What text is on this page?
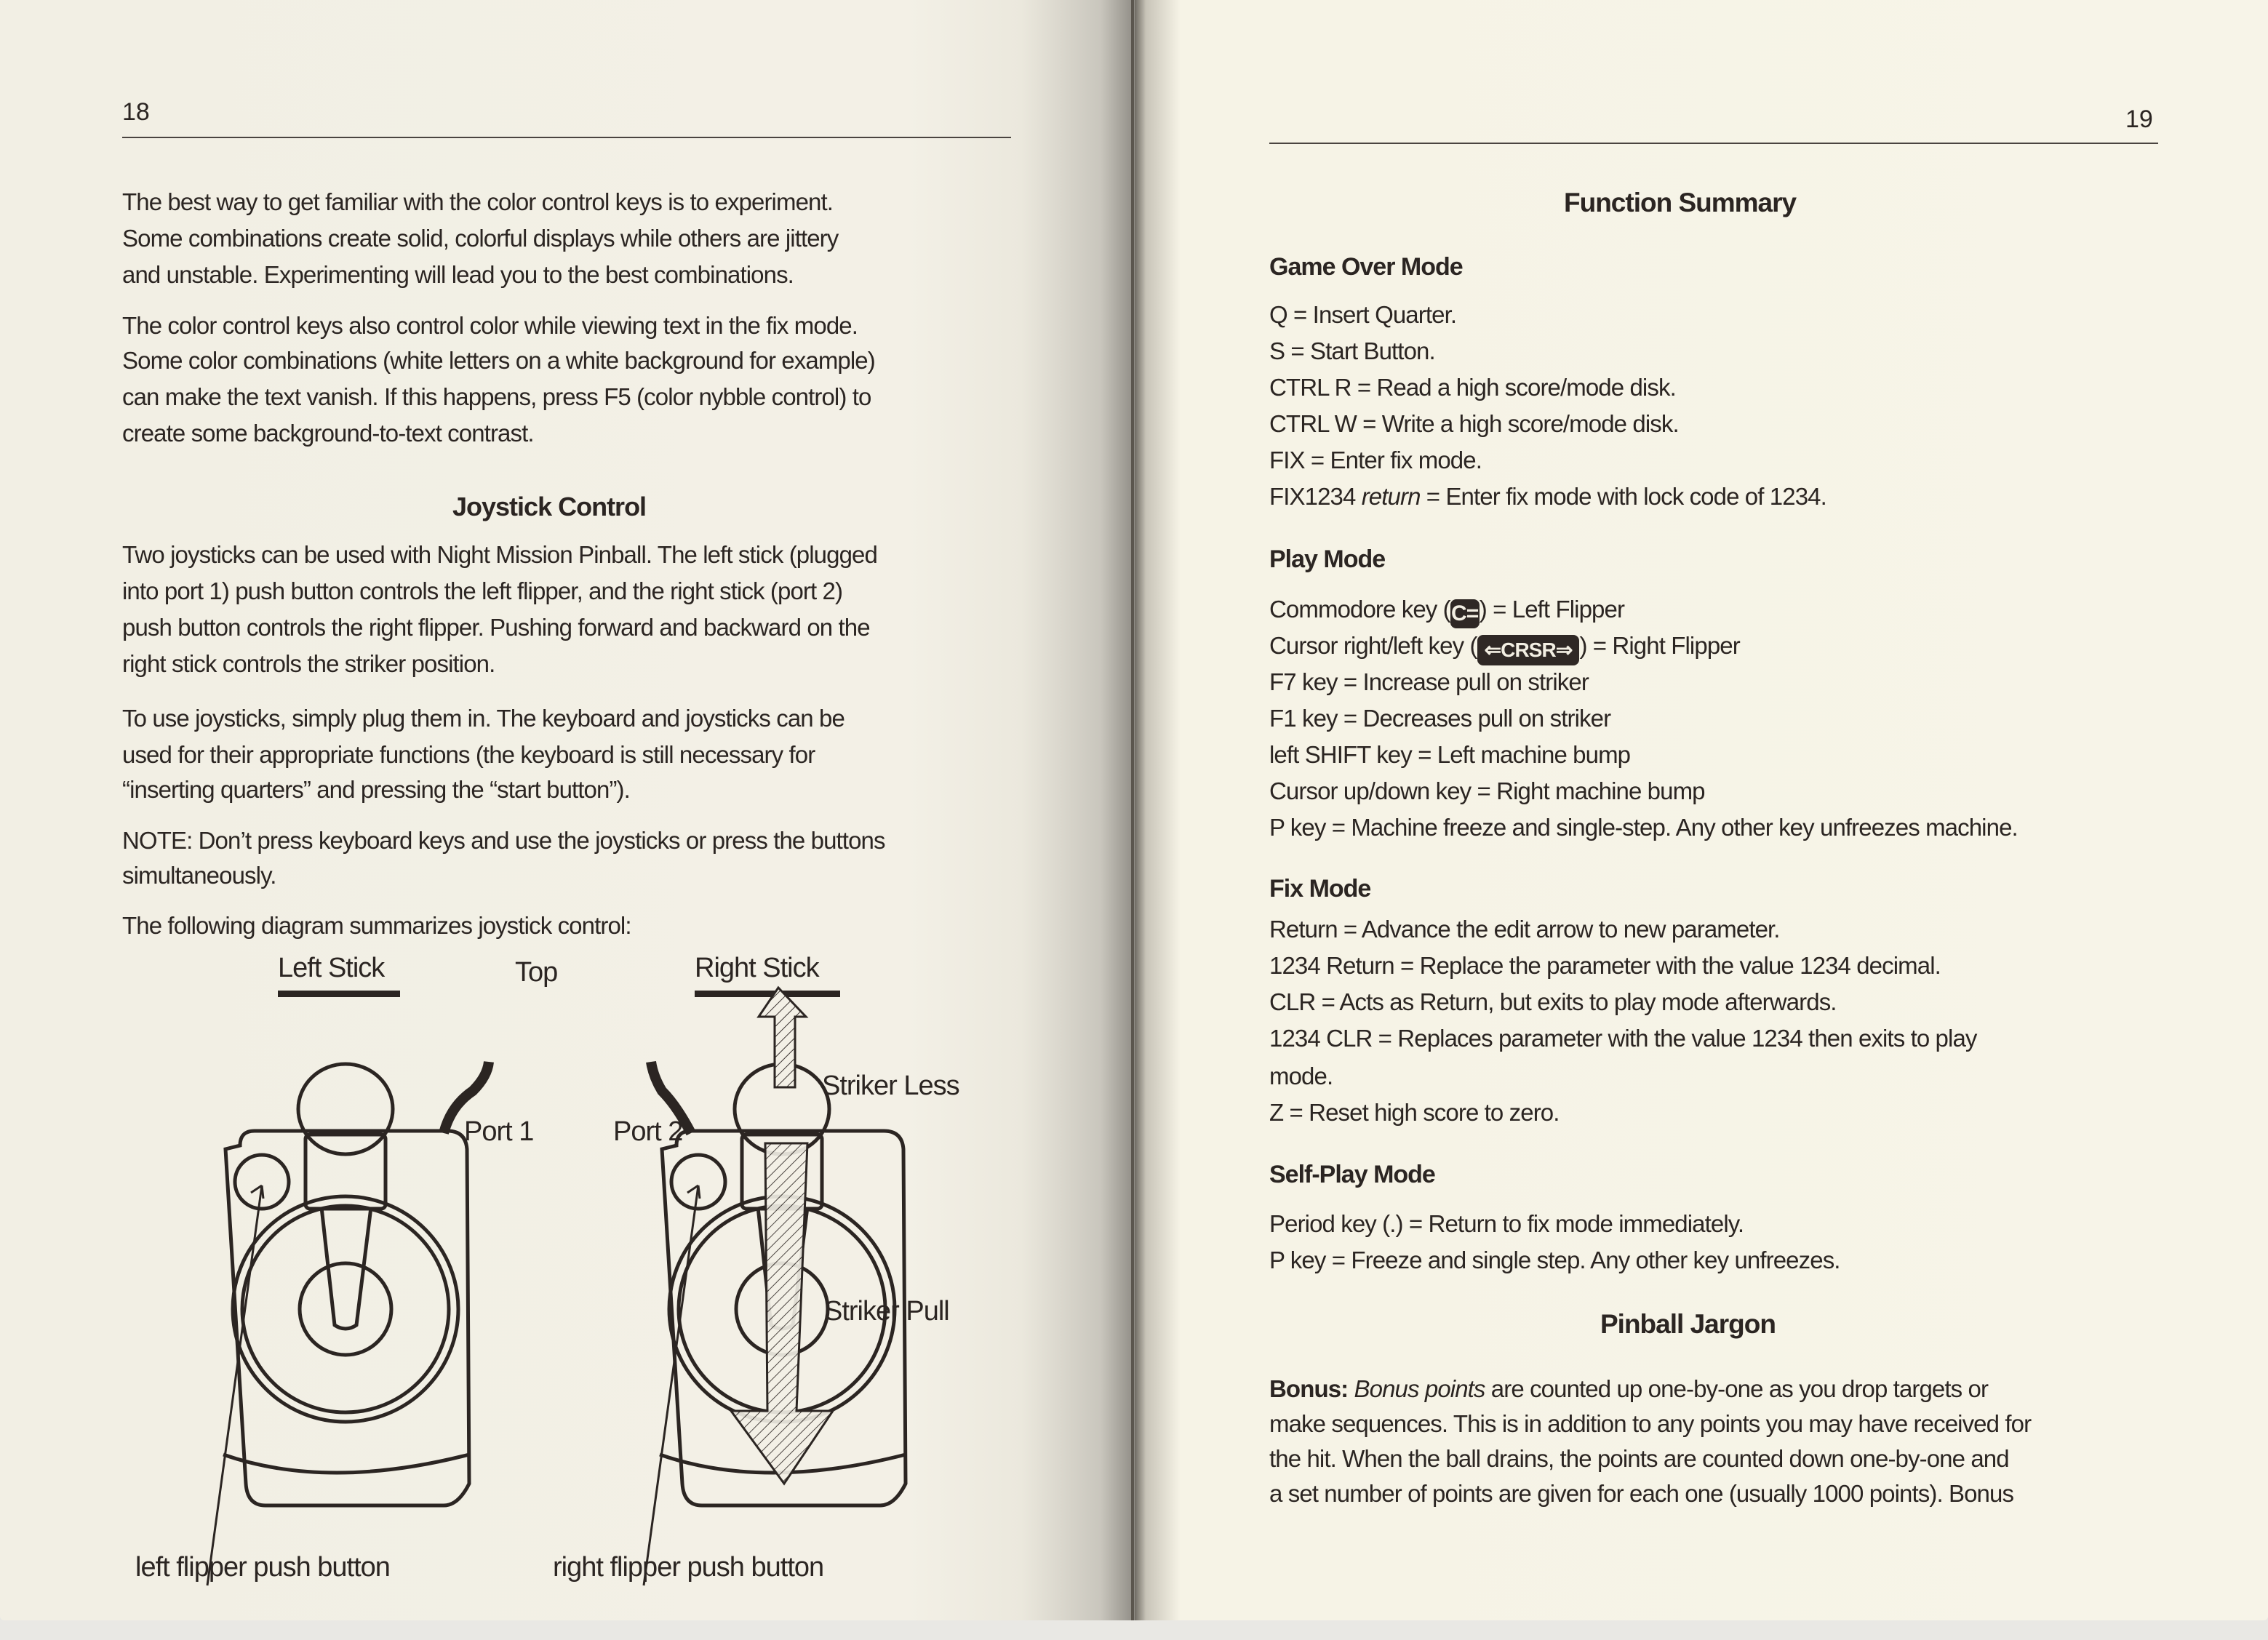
18
The best way to get familiar with the color control keys is to experiment.
Some combinations create solid, colorful displays while others are jittery
and unstable. Experimenting will lead you to the best combinations.
The color control keys also control color while viewing text in the fix mode.
Some color combinations (white letters on a white background for example)
can make the text vanish. If this happens, press F5 (color nybble control) to
create some background-to-text contrast.
Joystick Control
Two joysticks can be used with Night Mission Pinball. The left stick (plugged
into port 1) push button controls the left flipper, and the right stick (port 2)
push button controls the right flipper. Pushing forward and backward on the
right stick controls the striker position.
To use joysticks, simply plug them in. The keyboard and joysticks can be
used for their appropriate functions (the keyboard is still necessary for
“inserting quarters” and pressing the “start button”).
NOTE: Don’t press keyboard keys and use the joysticks or press the buttons
simultaneously.
The following diagram summarizes joystick control:
Left Stick	Top	Right Stick
Striker Less
Port 1	Port 2
Striker Pull
left flipper push button	right flipper push button
19
Function Summary
Game Over Mode
Q = Insert Quarter.
S = Start Button.
CTRL R = Read a high score/mode disk.
CTRL W = Write a high score/mode disk.
FIX = Enter fix mode.
FIX1234 return = Enter fix mode with lock code of 1234.
Play Mode
Commodore key (C=) = Left Flipper
Cursor right/left key ( ⇐CRSR⇒ ) = Right Flipper
F7 key = Increase pull on striker
F1 key = Decreases pull on striker
left SHIFT key = Left machine bump
Cursor up/down key = Right machine bump
P key = Machine freeze and single-step. Any other key unfreezes machine.
Fix Mode
Return = Advance the edit arrow to new parameter.
1234 Return = Replace the parameter with the value 1234 decimal.
CLR = Acts as Return, but exits to play mode afterwards.
1234 CLR = Replaces parameter with the value 1234 then exits to play
mode.
Z = Reset high score to zero.
Self-Play Mode
Period key (.) = Return to fix mode immediately.
P key = Freeze and single step. Any other key unfreezes.
Pinball Jargon
Bonus: Bonus points are counted up one-by-one as you drop targets or
make sequences. This is in addition to any points you may have received for
the hit. When the ball drains, the points are counted down one-by-one and
a set number of points are given for each one (usually 1000 points). Bonus
